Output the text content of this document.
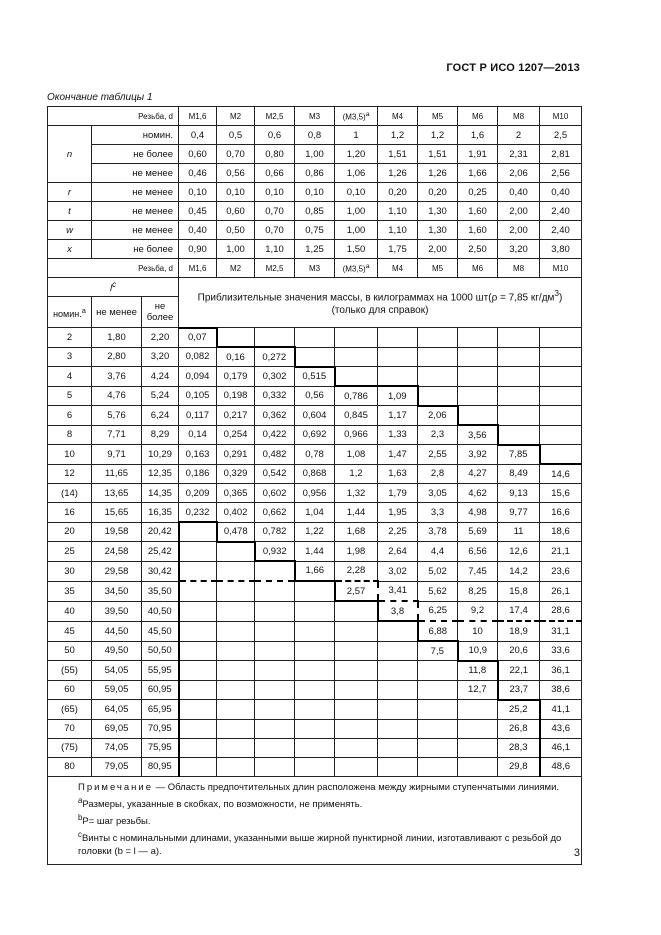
ГОСТ Р ИСО 1207—2013
Окончание таблицы 1
Резьба, d			M1,6	M2	M2,5	M3	$(M3,5)^a$	M4	M5	M6	M8	M10
n	номин.		0,4	0,5	0,6	0,8	1	1,2	1,2	1,6	2	2,5
	не более		0,60	0,70	0,80	1,00	1,20	1,51	1,51	1,91	2,31	2,81
	не менее		0,46	0,56	0,66	0,86	1,06	1,26	1,26	1,66	2,06	2,56
r	не менее		0,10	0,10	0,10	0,10	0,10	0,20	0,20	0,25	0,40	0,40
t	не менее		0,45	0,60	0,70	0,85	1,00	1,10	1,30	1,60	2,00	2,40
w	не менее		0,40	0,50	0,70	0,75	1,00	1,10	1,30	1,60	2,00	2,40
x	не более		0,90	1,00	1,10	1,25	1,50	1,75	2,00	2,50	3,20	3,80
Резьба, d			M1,6	M2	M2,5	M3	$(M3,5)^a$	M4	M5	M6	M8	M10
$l^c$			Приблизительные значения массы, в килограммах на 1000 шт(ρ = 7,85 $кг/дм^3$)
(только для справок)									

номин.$^a$	не менее	не более										
2	1,80	2,20	0,07									
3	2,80	3,20	0,082	0,16	0,272							
4	3,76	4,24	0,094	0,179	0,302	0,515						
5	4,76	5,24	0,105	0,198	0,332	0,56	0,786	1,09				
6	5,76	6,24	0,117	0,217	0,362	0,604	0,845	1,17	2,06			
8	7,71	8,29	0,14	0,254	0,422	0,692	0,966	1,33	2,3	3,56		
10	9,71	10,29	0,163	0,291	0,482	0,78	1,08	1,47	2,55	3,92	7,85	
12	11,65	12,35	0,186	0,329	0,542	0,868	1,2	1,63	2,8	4,27	8,49	14,6
(14)	13,65	14,35	0,209	0,365	0,602	0,956	1,32	1,79	3,05	4,62	9,13	15,6
16	15,65	16,35	0,232	0,402	0,662	1,04	1,44	1,95	3,3	4,98	9,77	16,6
20	19,58	20,42		0,478	0,782	1,22	1,68	2,25	3,78	5,69	11	18,6
25	24,58	25,42			0,932	1,44	1,98	2,64	4,4	6,56	12,6	21,1
30	29,58	30,42				1,66	2,28	3,02	5,02	7,45	14,2	23,6
35	34,50	35,50					2,57	3,41	5,62	8,25	15,8	26,1
40	39,50	40,50						3,8	6,25	9,2	17,4	28,6
45	44,50	45,50							6,88	10	18,9	31,1
50	49,50	50,50							7,5	10,9	20,6	33,6
(55)	54,05	55,95								11,8	22,1	36,1
60	59,05	60,95								12,7	23,7	38,6
(65)	64,05	65,95									25,2	41,1
70	69,05	70,95									26,8	43,6
(75)	74,05	75,95									28,3	46,1
80	79,05	80,95									29,8	48,6

Примечание — Область предпочтительных длин расположена между жирными ступенчатыми линиями.
$^a$Размеры, указанные в скобках, по возможности, не применять.
$^b$P= шаг резьбы.
$^c$Винты с номинальными длинами, указанными выше жирной пунктирной линии, изготавливают с резьбой до головки (b = l — a).													3
